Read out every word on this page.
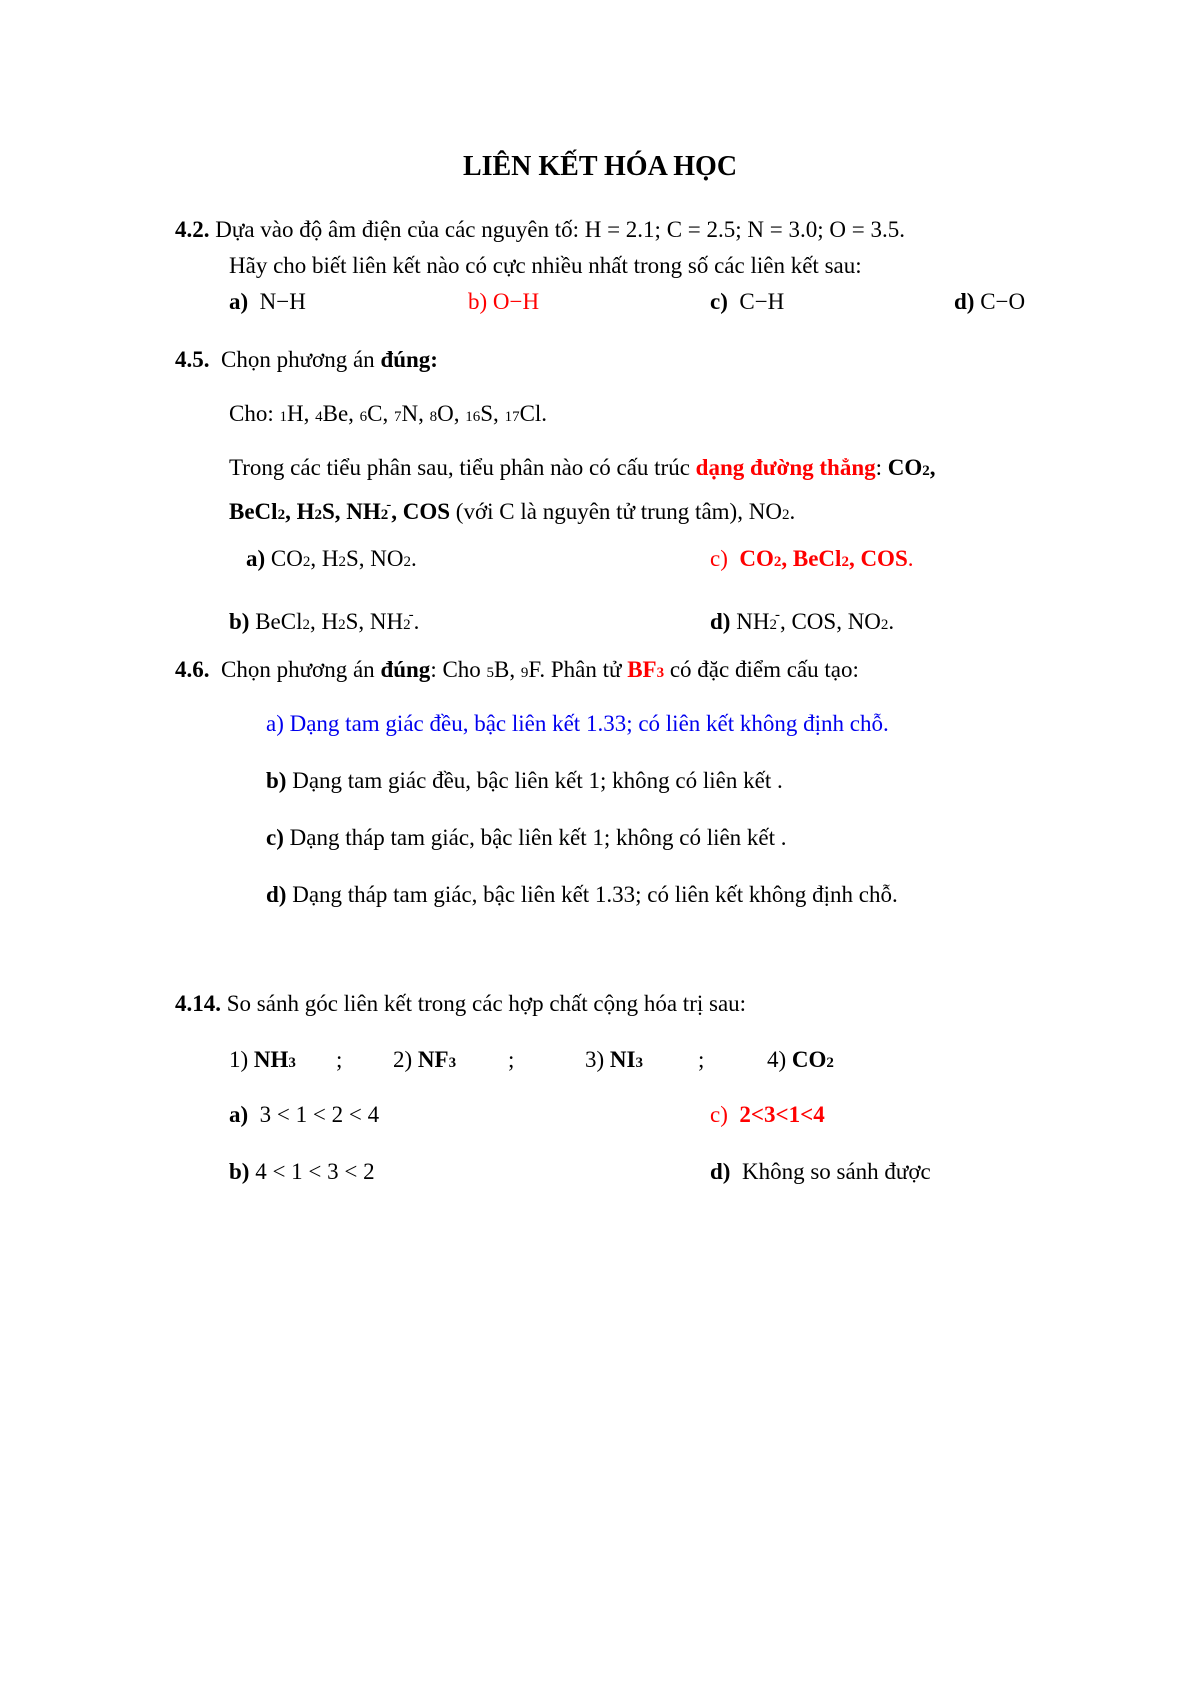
LIÊN KẾT HÓA HỌC
4.2. Dựa vào độ âm điện của các nguyên tố: H = 2.1; C = 2.5; N = 3.0; O = 3.5.
Hãy cho biết liên kết nào có cực nhiều nhất trong số các liên kết sau:
a) N−H	b) O−H	c) C−H	d) C−O
4.5. Chọn phương án đúng:
Cho: 1H, 4Be, 6C, 7N, 8O, 16S, 17Cl.
Trong các tiểu phân sau, tiểu phân nào có cấu trúc dạng đường thẳng: CO2,
BeCl2, H2S, NH2-, COS (với C là nguyên tử trung tâm), NO2.
a) CO2, H2S, NO2.	c) CO2, BeCl2, COS.
b) BeCl2, H2S, NH2-.	d) NH2-, COS, NO2.
4.6. Chọn phương án đúng: Cho 5B, 9F. Phân tử BF3 có đặc điểm cấu tạo:
a) Dạng tam giác đều, bậc liên kết 1.33; có liên kết không định chỗ.
b) Dạng tam giác đều, bậc liên kết 1; không có liên kết .
c) Dạng tháp tam giác, bậc liên kết 1; không có liên kết .
d) Dạng tháp tam giác, bậc liên kết 1.33; có liên kết không định chỗ.
4.14. So sánh góc liên kết trong các hợp chất cộng hóa trị sau:
1) NH3 ; 2) NF3 ;	3) NI3 ;	4) CO2
a) 3 < 1 < 2 < 4	c) 2<3<1<4
b) 4 < 1 < 3 < 2	d) Không so sánh được
